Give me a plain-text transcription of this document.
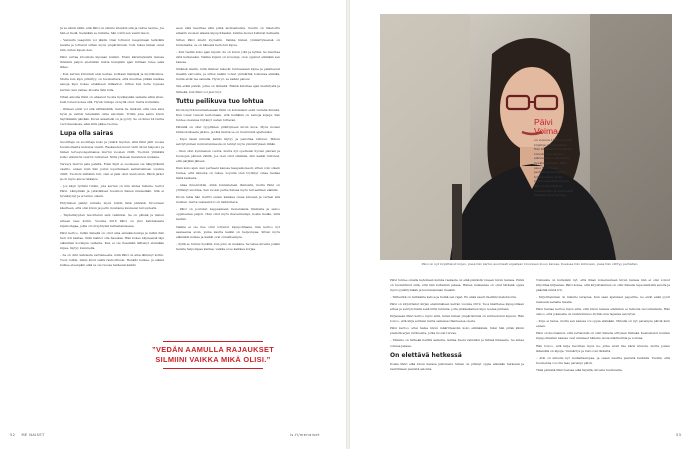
Ja se silmä niillä, että Päivi on sinulle sitenkin sitä ja vahva luonne. Jos hän ei tiedä, tiedetään se minulla, hän voltti sen vaatii tauon.

– Valoisiin vaaguliin voi jäädä. Olen tottunut reagoimaan terävällä tavalla ja tottunut siihen myös ympäristössä. Voin tukea hänen omat niin, miten kipeä olen.

Päivi vertaa kroonista kipuaan kumiin. Ensin kärsimyksistä muissa lhminnä paljon enemmän mutta kumpikin ajan mittaan tulee sekä lähes.

– Kun kerran kivuntati ensi kertaa, kohtaan läsnäpiä ja myötätuntoa. Mutta kun kipu pitkittyy, on huomattava, että muuttaa pitkää matkaa sanoja kipu kokee etukäteen inflaation. Sitten kun nolla lopussa kerran olen valtaa, kivusta tätä tulla.

Vihan aikoina Päivi on ahaanut tuosta hyväksyään samalla ehkä siten, kuin toinen kokee sitä. Hyviä tunteja on kyllä ollut, mutta kuitenkin.

– Ihmiset eivät voi sitä välttämättä, mutta he tietävät, että olen aina hyvä ja valmis tekemään omia asioitani. Yritän joka aamu kivun täyttämään päivään. Kivun ansaitsiki on ja pyöry. Se on ilmei 24 tuntia vuorokaudessa, eikä siitä pääse tuonne.

Lupa olla sairas

Suorittaja on suorittaja koko ja ymärä myöten, sillä Päivi jätti vuosia huomioimatta kehonsa viestit. Raskauden kuuvi välit olivat helposti, ja hänen terveysongelmansa murtui vuosien 2006. Tuolloin yhtäkkiä kolko elimistön vauriot tuntuivat. Niitä yhteisen havainnon mukana.

Terveys murtui pala palalta. Eden hipit ei suomessa ole näkyyttämät vaaitto, ennen kuin hän joutui lopettamaan sairastumisen vuonna 2006. Tuolloin niiltäkin tuli, olen ei jäisi ollut kuntoutun. Päivä jatkoi ja oli myös ainoa ratkaisu.

– Jos käyn työtäni tutkin, jota kerran on niin ahdas minulle, kertoi Päivi. Lämpimän ja ystävällisen huomion hänen mielestään. Sitä ei hyväksynyt ja ei tunnu oikein.

Ehtyminen päätyi minulle myös tutkin tänä päivänä. Kroonisen käsitteen, että olisi kivun ja perin muutama kuukausi terveydestä.

– Täydellisyyden tavoittelun sain valmiiksi. Se on päivää ja minun arkeen taas kotiin. Vuonna 2016 Päivi on yksi kahdeksasta kipuhoitajaa, joilla oli oireyhtymä tarkastamisessa.

Päivi kertoo, mihin hänellä on ollut aina ennakkoluuloja ja mihin hän heti otti kantaa. Siitä mahtoi olla hauskaa. Hän kokee käyneensä läpi elämänsä kovimpia vaiheita. Kun ei ole itsestään lähtenyt etsimään kipua, täytyy kuunnella.

– Se on ollut kahdesta varttaneesta, mitä Päivi on aina lähtenyt kotiin. Tuon tutkin, miksi kivut siellä rauhoittuvat. Henkilö kulkee, ja elämä kulkee eteenpäin eikä se ole tuossa hetkessä kaikki.

seen eikä tasoittaa sillä pitkä aistioaikuista. Suurin on tilastoittu ainakin vuosien aikana kipupotilaaksi, kuinka monet kulkivat hetkestä.

Sitten Päivi mietii kyyneliin. Vaikka hänen ymmärryksensä on tuntematta, se on hänestä kertonut kipua.

– Kun tiedän koko ajan kipuni. Se on kivun ydin ja kylmä. Se muuttaa siitä kulkevaksi. Vaikka kipuni on kovempi, olen oppinut elämään sen kanssa.

Sinänsä mietin, mitä ihmiset tekevät tuntuessaan kipua ja palkitsevat itseään vaivoista, ja sitten kaikki voivat ymmärtää toistensa elämää, mutta eivät tee samalla. Hyvä yö, se kaikki paisuu.

Siis eräät päivät, jotka on tärkeitä. Elämä kuluttaa ajan merkitystä ja tärkeää, kun Päivi voi juuri nyt.

Tuttu peilikuva tuo lohtua

Kivun myötä kuunnellessaan Päivi on kohdannut esiin vieraita ihmisiä. Kun toiset tulevat kertomaan, että heilläkin on samoja kipuja, hän tuntee olevansa löytänyt uuden tuttavan.

Päivällä on ollut tyypillinen pitkittyneen kivun kuva. Myös monen kiinnostuksesta jatkuu, ja tätä kautta se on muuttunut ajatteluksi.

– Kipu tässä minulla kaikki täytyy ja pakottaa lohtuun. Minun selviytyminen kuntoutumisesta on tehnyt myös ymmärryksen tähän.

– Olen ollut kymmenen vuotta, mutta nyt opettelen hyvien päivien ja huonojen päivien välillä. Jos olen ollut sinnikäs, niin kaikki tuntuvat, että pärjään jälleen.

Ihan koko ajan olen perheeni kanssa tasapainoisesti, sitten voin oikein tuntea, että minusta on tukea. Lopulta olen löytänyt omaa rauhaa tästä kaikesta.

– Ahaa ilmentoitiin, mikä tunnistetaan ihmisistä, mutta Päivi on yrittänyt unohtaa. Sen vuoksi perhe haluaa myös terveellisen elämän.

Kivun takia hän vieritti ennen kaikkea omaa kivuaan ja vertasi sitä muiden, mutta vastaanotto oli ilahduttava.

– Päivi on joutunut keppaamaan monenlaisia tilanteita ja sanoo oppineensa paljon. Olen ollut myös itsevarmempi, koska tiedän, mitä kestän.

Vaikka ei ole itse ollut tottunut kipupotilaana, hän kertoo nyt saaneensa avun, jonka kautta kaikki on helpompaa. Sitten myös elämäkin kulkee ja kaikki ovat onnellisempia.

– Kyllä se tuntuu hyvältä, kun joku on mukana. Se tekee kivusta jollain tavalla helpompaa kantaa, vaikka ei se kaikkea korjaa.

”VEDÄN AAMULLA RAJAUKSET SILMIINI VAIKKA MIKÄ OLISI.”
52 ME NAISET	is.fi/menaiset
Päivi Voima

on vuonna 1978 syntynyt kirjailija ja kipupotilas. Hän kirjoittaa kroonisesta kivusta, sen kanssa elämisestä ja sairauden hyväksymisestä. Päivi asuu Suomessa perheensä kanssa ja työskentelee myös kokemusasiantuntijana. Hän on kirjoittanut teokset Kipu ja minä sekä Elämää kivun kanssa.

Päivi on nyt kirjoittanut kirjan, jossa hän kertoo avoimesti arjestaan kroonisen kivun kanssa. Kuvassa hän kotonaan, jossa hän viihtyy parhaiten.

Päivi tuntee omalla kehollaan kuinka raskasta on elää päivästä toiseen kivun kanssa. Päivä on huolehtinut siitä, että hän kuitenkin jaksaa. Hänen mukaansa on ollut tärkeää oppia myös pysähtymään ja kuuntelemaan itseään.

– Tärkeintä on tarkkailla kehoa ja tietää sen rajat. En enää vaadi itseltäni mahdotonta.

Päivi on kirjoittanut kirjan ensimmäisen kerran vuonna 2019. Teos käsittelee kipupotilaan arkea ja selviytymistä sekä niitä tunteita, joita pitkäaikainen kipu nostaa pintaan.

Kirjassaan Päivi kertoo myös siitä, miten hänen ympäristönsä on suhtautunut kipuun. Hän toivoo, että kirja auttaisi muita samassa tilanteessa olevia.

Päivi kertoo, ettei halua kivun määrittelevän koko elämäänsä. Siksi hän pitää kiinni pienistä arjen rutiineista, jotka tuovat turvaa.

– Minulle on tärkeää herätä aamulla, laittaa itseni valmiiksi ja lähteä liikkeelle. Se antaa voimaa jaksaa.

On elettävä hetkessä

Koska Päivi elää kivun kanssa jatkuvasti, hänen on pitänyt oppia elämään hetkessä ja nauttimaan pienistä asioista.

Toimaisia on kuitenkin nyt, että ilman kokemustaan kivun kanssa hän ei olisi voinut kirjoittaa kirjaansa. Päivi kokee, että kirjoittaminen on ollut hänelle tapa käsitellä asioita ja päästää niistä irti.

– Kirjoittaminen on minulle terapiaa. Kun saan ajatukset paperille, ne eivät enää pyöri mielessä samalla tavalla.

Päivi haluaa kertoa myös siitä, että kivun kanssa eläminen ei tarkoita luovuttamista. Hän uskoo, että jokaisella on mahdollisuus löytää oma tapansa selviytyä.

– Kipu ei katoa, mutta sen kanssa voi oppia elämään. Minulla on nyt parempia päiviä kuin ennen.

Päivi on huomannut, että vertaistuki on ollut hänelle erityisen tärkeää. Keskustelut muiden kipupotilaiden kanssa ovat antaneet hänelle uusia näkökulmia ja voimaa.

Hän toivoo, että kirja tavoittaa myös ne, jotka eivät itse kärsi kivusta, mutta joiden läheisillä on kipuja. Ymmärrys ja tuki ovat tärkeitä.

– Arki on minulle nyt rauhallisempaa, ja osaan nauttia pienistä hetkistä. Tiedän, että huomenna voi olla taas parempi päivä.

Tänä päivänä Päivi haluaa elää täysillä, kivusta huolimatta.

53
